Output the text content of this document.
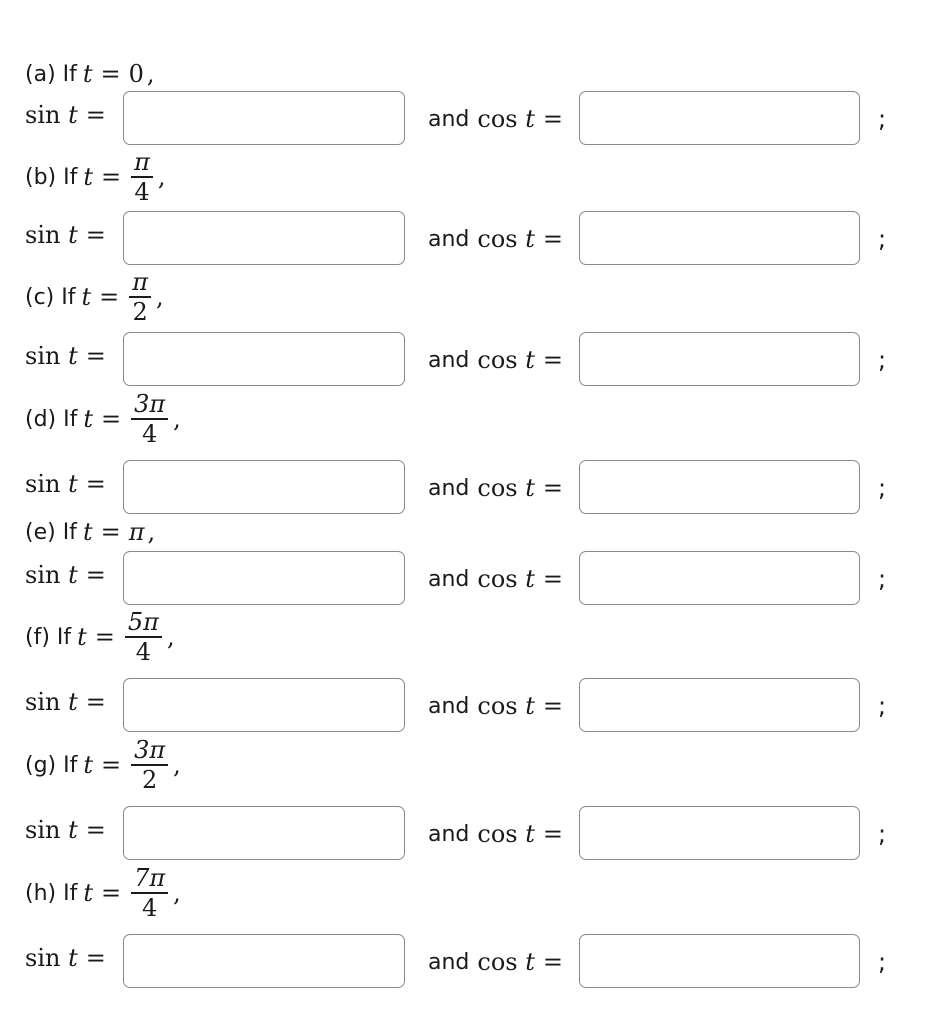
(a) If t = 0 ,
sin
t =	and cos
t =	;
(b) If $t = \frac{\pi}{4}$ ,
sin
t =	and cos
t =	;
(c) If $t = \frac{\pi}{2}$ ,
sin
t =	and cos
t =	;
(d) If $t = \frac{3\pi}{4}$ ,
sin
t =	and cos
t =	;
(e) If t = π ,
sin
t =	and cos
t =	;
(f) If $t = \frac{5\pi}{4}$ ,
sin
t =	and cos
t =	;
(g) If $t = \frac{3\pi}{2}$ ,
sin
t =	and cos
t =	;
(h) If $t = \frac{7\pi}{4}$ ,
sin
t =	and cos
t =	;
